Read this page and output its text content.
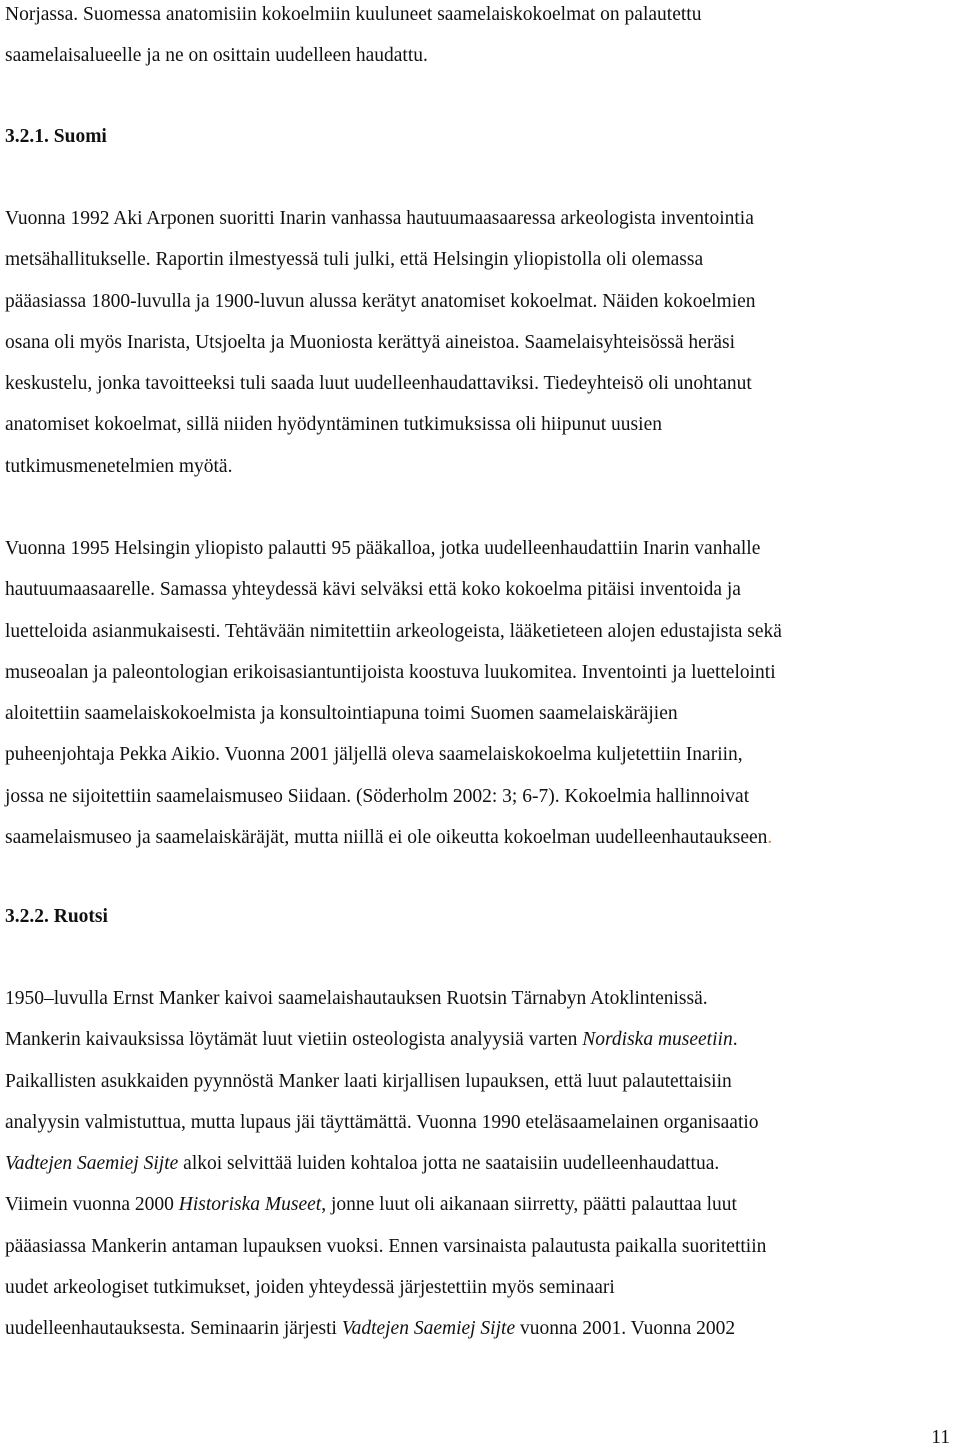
Norjassa. Suomessa anatomisiin kokoelmiin kuuluneet saamelaiskokoelmat on palautettu
saamelaisalueelle ja ne on osittain uudelleen haudattu.
3.2.1. Suomi
Vuonna 1992 Aki Arponen suoritti Inarin vanhassa hautuumaasaaressa arkeologista inventointia
metsähallitukselle. Raportin ilmestyessä tuli julki, että Helsingin yliopistolla oli olemassa
pääasiassa 1800-luvulla ja 1900-luvun alussa kerätyt anatomiset kokoelmat. Näiden kokoelmien
osana oli myös Inarista, Utsjoelta ja Muoniosta kerättyä aineistoa. Saamelaisyhteisössä heräsi
keskustelu, jonka tavoitteeksi tuli saada luut uudelleenhaudattaviksi. Tiedeyhteisö oli unohtanut
anatomiset kokoelmat, sillä niiden hyödyntäminen tutkimuksissa oli hiipunut uusien
tutkimusmenetelmien myötä.
Vuonna 1995 Helsingin yliopisto palautti 95 pääkalloa, jotka uudelleenhaudattiin Inarin vanhalle
hautuumaasaarelle. Samassa yhteydessä kävi selväksi että koko kokoelma pitäisi inventoida ja
luetteloida asianmukaisesti. Tehtävään nimitettiin arkeologeista, lääketieteen alojen edustajista sekä
museoalan ja paleontologian erikoisasiantuntijoista koostuva luukomitea. Inventointi ja luettelointi
aloitettiin saamelaiskokoelmista ja konsultointiapuna toimi Suomen saamelaiskäräjien
puheenjohtaja Pekka Aikio. Vuonna 2001 jäljellä oleva saamelaiskokoelma kuljetettiin Inariin,
jossa ne sijoitettiin saamelaismuseo Siidaan. (Söderholm 2002: 3; 6-7). Kokoelmia hallinnoivat
saamelaismuseo ja saamelaiskäräjät, mutta niillä ei ole oikeutta kokoelman uudelleenhautaukseen.
3.2.2. Ruotsi
1950–luvulla Ernst Manker kaivoi saamelaishautauksen Ruotsin Tärnabyn Atoklintenissä.
Mankerin kaivauksissa löytämät luut vietiin osteologista analyysiä varten Nordiska museetiin.
Paikallisten asukkaiden pyynnöstä Manker laati kirjallisen lupauksen, että luut palautettaisiin
analyysin valmistuttua, mutta lupaus jäi täyttämättä. Vuonna 1990 eteläsaamelainen organisaatio
Vadtejen Saemiej Sijte alkoi selvittää luiden kohtaloa jotta ne saataisiin uudelleenhaudattua.
Viimein vuonna 2000 Historiska Museet, jonne luut oli aikanaan siirretty, päätti palauttaa luut
pääasiassa Mankerin antaman lupauksen vuoksi. Ennen varsinaista palautusta paikalla suoritettiin
uudet arkeologiset tutkimukset, joiden yhteydessä järjestettiin myös seminaari
uudelleenhautauksesta. Seminaarin järjesti Vadtejen Saemiej Sijte vuonna 2001. Vuonna 2002
11
